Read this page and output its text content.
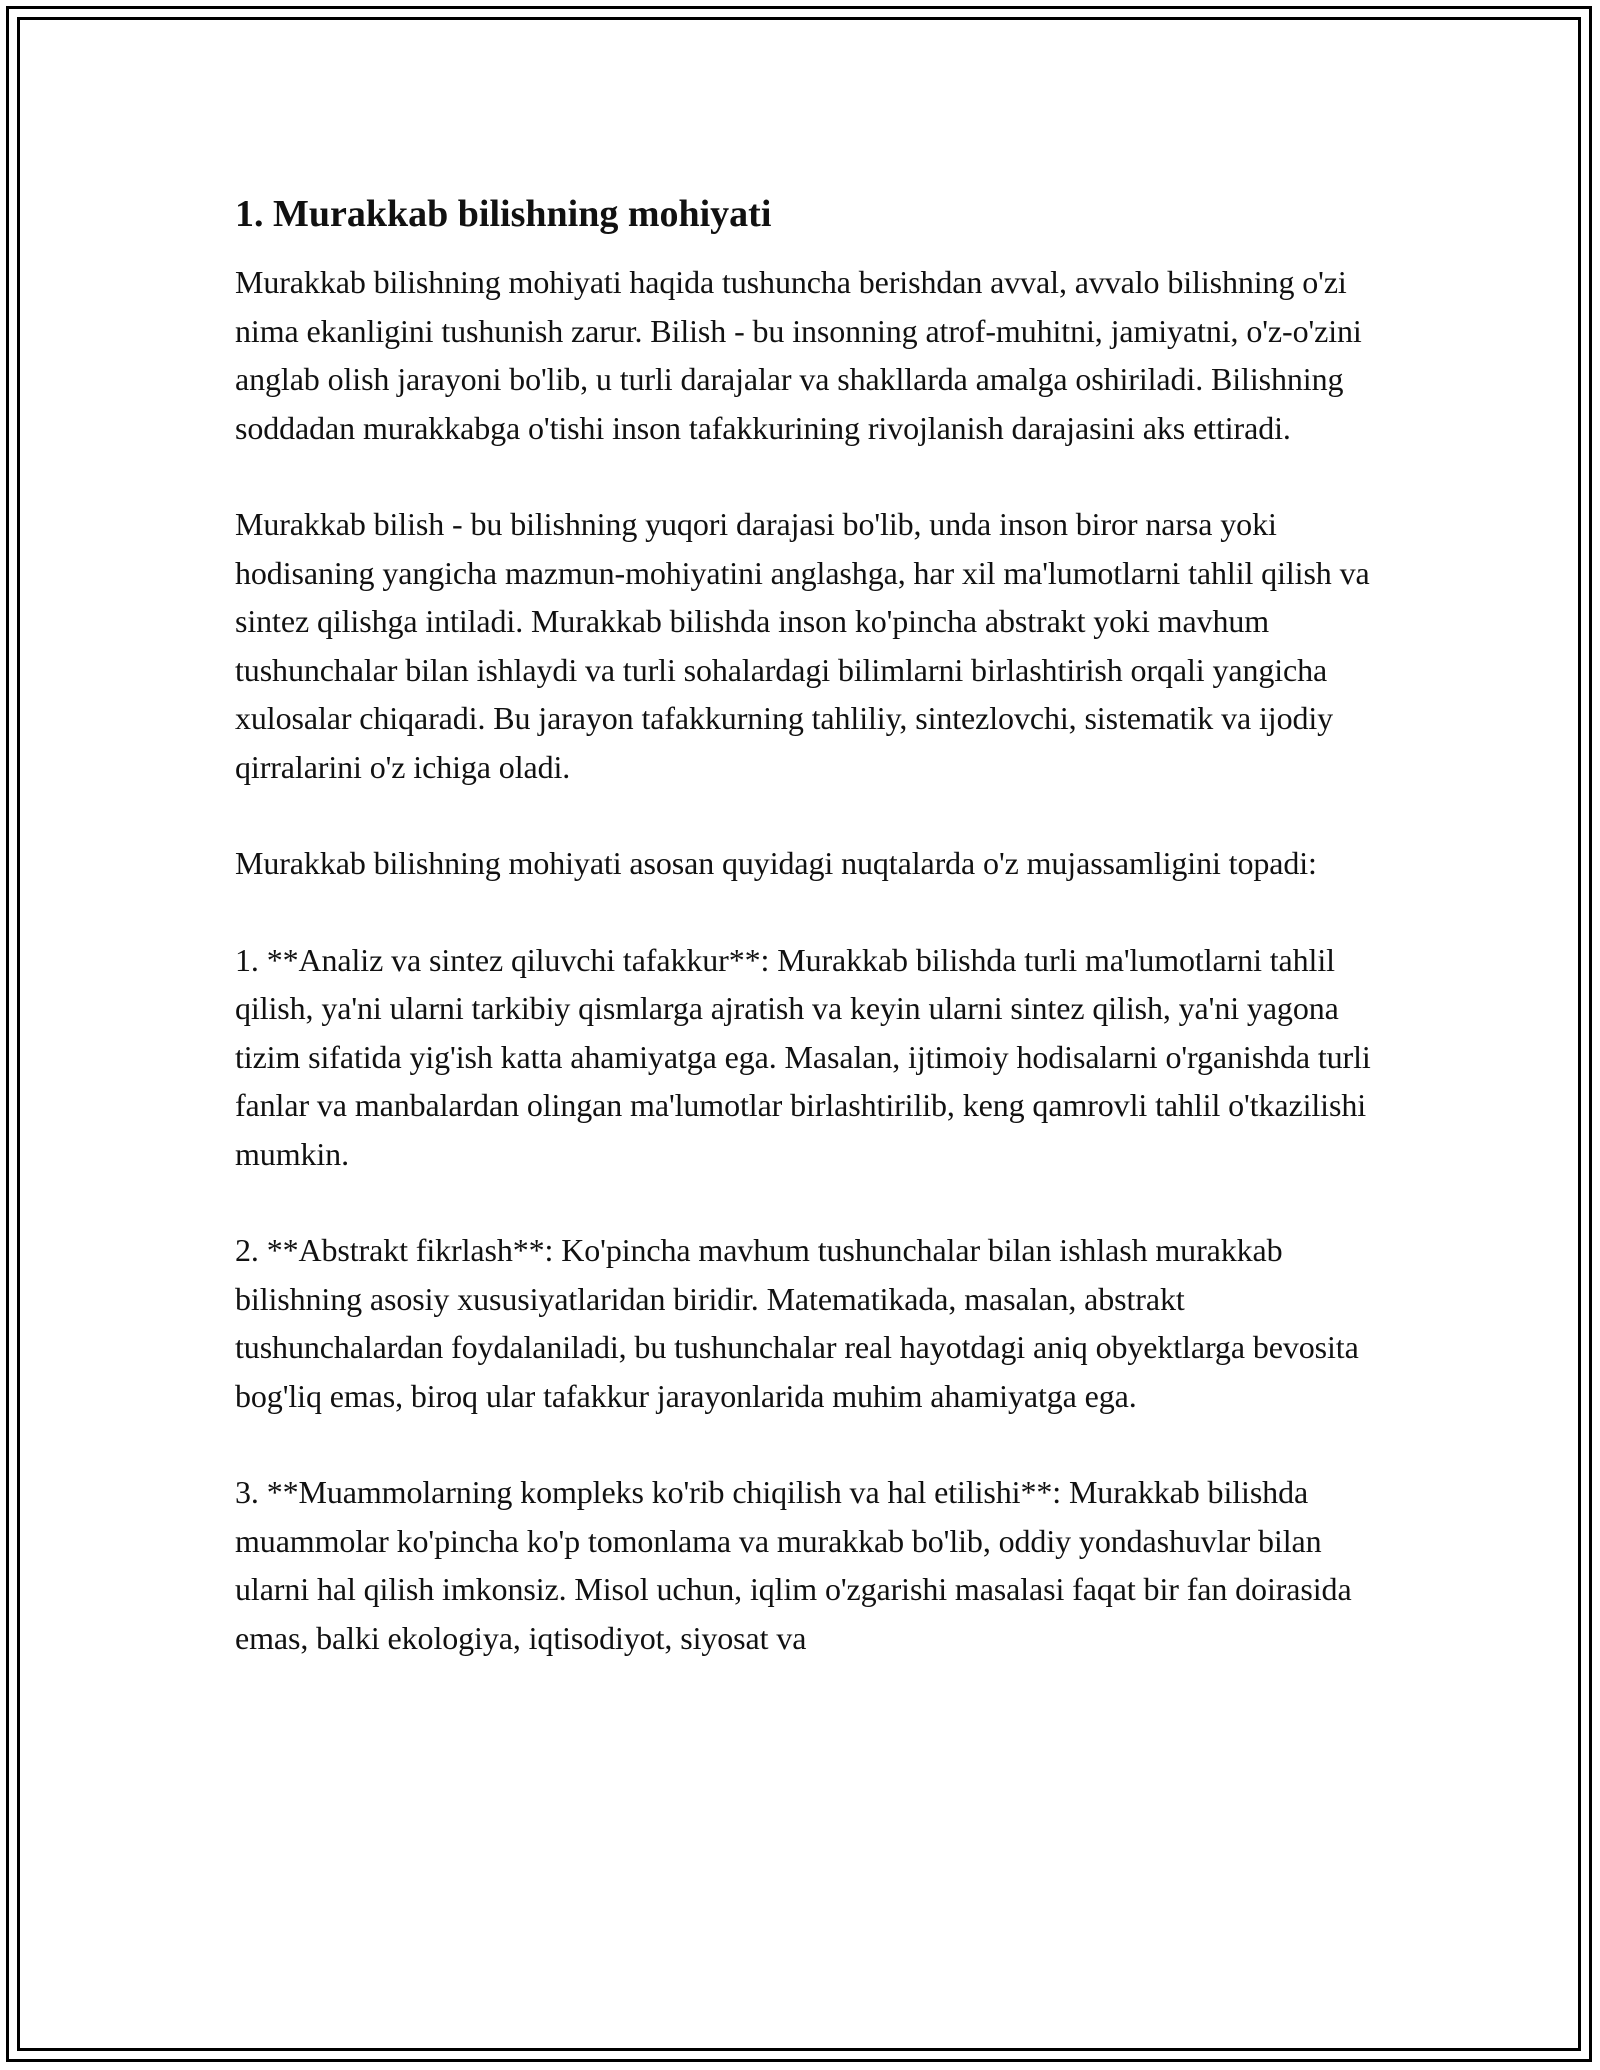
1. Murakkab bilishning mohiyati

Murakkab bilishning mohiyati haqida tushuncha berishdan avval, avvalo bilishning o'zi nima ekanligini tushunish zarur. Bilish - bu insonning atrof-muhitni, jamiyatni, o'z-o'zini anglab olish jarayoni bo'lib, u turli darajalar va shakllarda amalga oshiriladi. Bilishning soddadan murakkabga o'tishi inson tafakkurining rivojlanish darajasini aks ettiradi.

Murakkab bilish - bu bilishning yuqori darajasi bo'lib, unda inson biror narsa yoki hodisaning yangicha mazmun-mohiyatini anglashga, har xil ma'lumotlarni tahlil qilish va sintez qilishga intiladi. Murakkab bilishda inson ko'pincha abstrakt yoki mavhum tushunchalar bilan ishlaydi va turli sohalardagi bilimlarni birlashtirish orqali yangicha xulosalar chiqaradi. Bu jarayon tafakkurning tahliliy, sintezlovchi, sistematik va ijodiy qirralarini o'z ichiga oladi.

Murakkab bilishning mohiyati asosan quyidagi nuqtalarda o'z mujassamligini topadi:

1. **Analiz va sintez qiluvchi tafakkur**: Murakkab bilishda turli ma'lumotlarni tahlil qilish, ya'ni ularni tarkibiy qismlarga ajratish va keyin ularni sintez qilish, ya'ni yagona tizim sifatida yig'ish katta ahamiyatga ega. Masalan, ijtimoiy hodisalarni o'rganishda turli fanlar va manbalardan olingan ma'lumotlar birlashtirilib, keng qamrovli tahlil o'tkazilishi mumkin.

2. **Abstrakt fikrlash**: Ko'pincha mavhum tushunchalar bilan ishlash murakkab bilishning asosiy xususiyatlaridan biridir. Matematikada, masalan, abstrakt tushunchalardan foydalaniladi, bu tushunchalar real hayotdagi aniq obyektlarga bevosita bog'liq emas, biroq ular tafakkur jarayonlarida muhim ahamiyatga ega.

3. **Muammolarning kompleks ko'rib chiqilish va hal etilishi**: Murakkab bilishda muammolar ko'pincha ko'p tomonlama va murakkab bo'lib, oddiy yondashuvlar bilan ularni hal qilish imkonsiz. Misol uchun, iqlim o'zgarishi masalasi faqat bir fan doirasida emas, balki ekologiya, iqtisodiyot, siyosat va
